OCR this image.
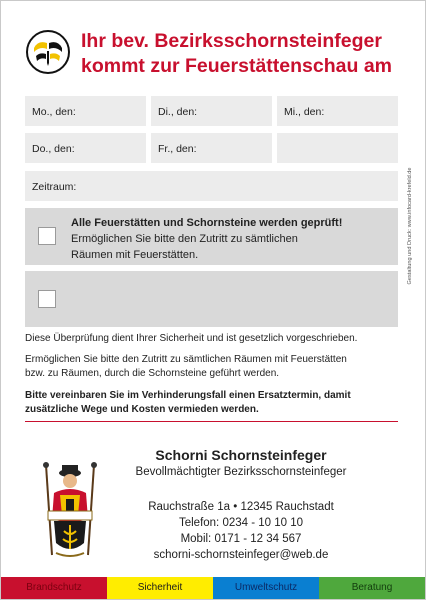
Ihr bev. Bezirksschornsteinfeger
kommt zur Feuerstättenschau am
Gestaltung und Druck: www.infocard-krefeld.de
Mo., den:	Di., den:	Mi., den:
Do., den:	Fr., den:
Zeitraum:
Alle Feuerstätten und Schornsteine werden geprüft!
Ermöglichen Sie bitte den Zutritt zu sämtlichen
Räumen mit Feuerstätten.
Diese Überprüfung dient Ihrer Sicherheit und ist gesetzlich vorgeschrieben.
Ermöglichen Sie bitte den Zutritt zu sämtlichen Räumen mit Feuerstätten
bzw. zu Räumen, durch die Schornsteine geführt werden.
Bitte vereinbaren Sie im Verhinderungsfall einen Ersatztermin, damit
zusätzliche Wege und Kosten vermieden werden.
Schorni Schornsteinfeger
Bevollmächtigter Bezirksschornsteinfeger
Rauchstraße 1a • 12345 Rauchstadt
Telefon: 0234 - 10 10 10
Mobil: 0171 - 12 34 567
schorni-schornsteinfeger@web.de
Brandschutz	Sicherheit	Umweltschutz	Beratung
